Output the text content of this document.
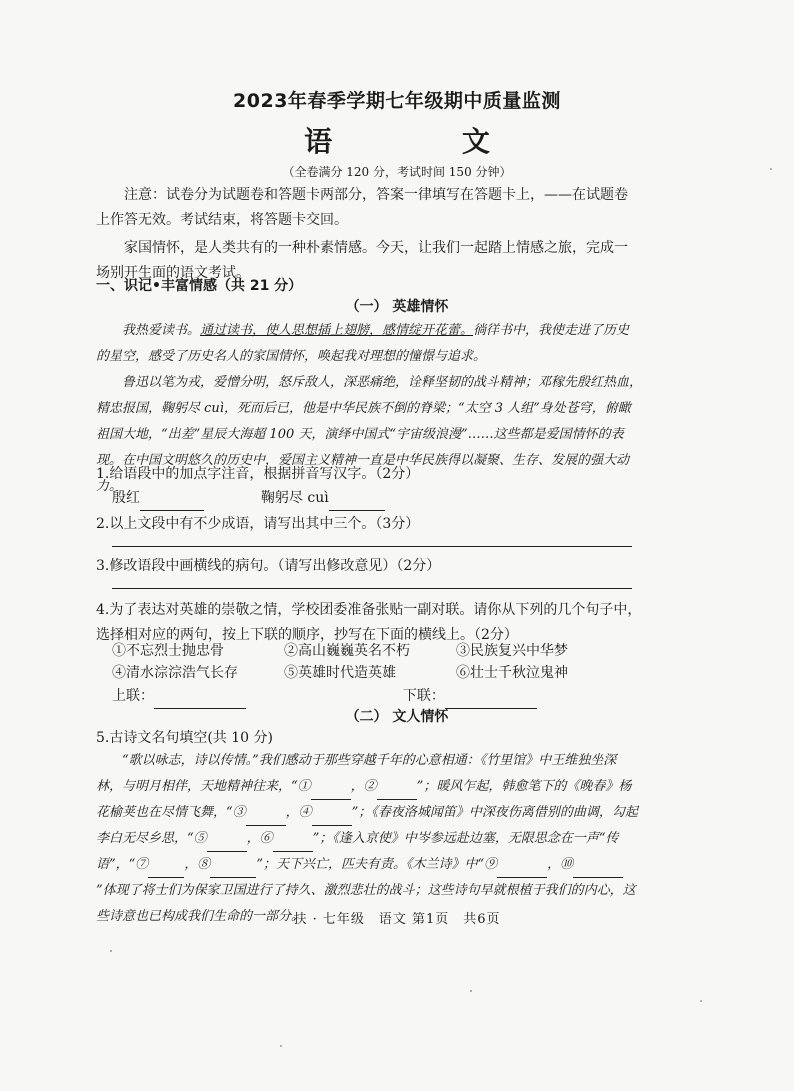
2023年春季学期七年级期中质量监测
语 文
（全卷满分 120 分，考试时间 150 分钟）
注意：试卷分为试题卷和答题卡两部分，答案一律填写在答题卡上，——在试题卷上作答无效。考试结束，将答题卡交回。
家国情怀，是人类共有的一种朴素情感。今天，让我们一起踏上情感之旅，完成一场别开生面的语文考试。
一、识记•丰富情感（共 21 分）
（一） 英雄情怀
我热爱读书。通过读书，使人思想插上翅膀，感情绽开花蕾。徜徉书中，我使走进了历史的星空，感受了历史名人的家国情怀，唤起我对理想的憧憬与追求。
鲁迅以笔为戎，爱憎分明，怒斥敌人，深恶痛绝，诠释坚韧的战斗精神；邓稼先殷红热血，精忠报国，鞠躬尽 cuì，死而后已，他是中华民族不倒的脊梁；“太空 3 人组”身处苍穹，俯瞰祖国大地，“出差”星辰大海超 100 天，演绎中国式“宇宙级浪漫”……这些都是爱国情怀的表现。在中国文明悠久的历史中，爱国主义精神一直是中华民族得以凝聚、生存、发展的强大动力。
1.给语段中的加点字注音，根据拼音写汉字。（2分）
殷红	鞠躬尽 cuì
2.以上文段中有不少成语，请写出其中三个。（3分）
3.修改语段中画横线的病句。（请写出修改意见）（2分）
4.为了表达对英雄的崇敬之情，学校团委准备张贴一副对联。请你从下列的几个句子中，选择相对应的两句，按上下联的顺序，抄写在下面的横线上。（2分）
①不忘烈士抛忠骨	②高山巍巍英名不朽	③民族复兴中华梦
④清水淙淙浩气长存	⑤英雄时代造英雄	⑥壮士千秋泣鬼神
上联：	下联：
（二） 文人情怀
5.古诗文名句填空(共 10 分)
“歌以咏志，诗以传情。”我们感动于那些穿越千年的心意相通：《竹里馆》中王维独坐深林，与明月相伴，天地精神往来，“①	，②	”；暖风乍起，韩愈笔下的《晚春》杨花榆荚也在尽情飞舞，“③	，④	”；《春夜洛城闻笛》中深夜伤离借别的曲调，勾起李白无尽乡思，“⑤	，⑥	”；《逢入京使》中岑参远赴边塞，无限思念在一声“传语”，“⑦	，⑧	”；天下兴亡，匹夫有责。《木兰诗》中“⑨	，⑩”体现了将士们为保家卫国进行了持久、激烈悲壮的战斗；这些诗句早就根植于我们的内心，这些诗意也已构成我们生命的一部分。
扶 · 七年级　语文 第1页　共6页
